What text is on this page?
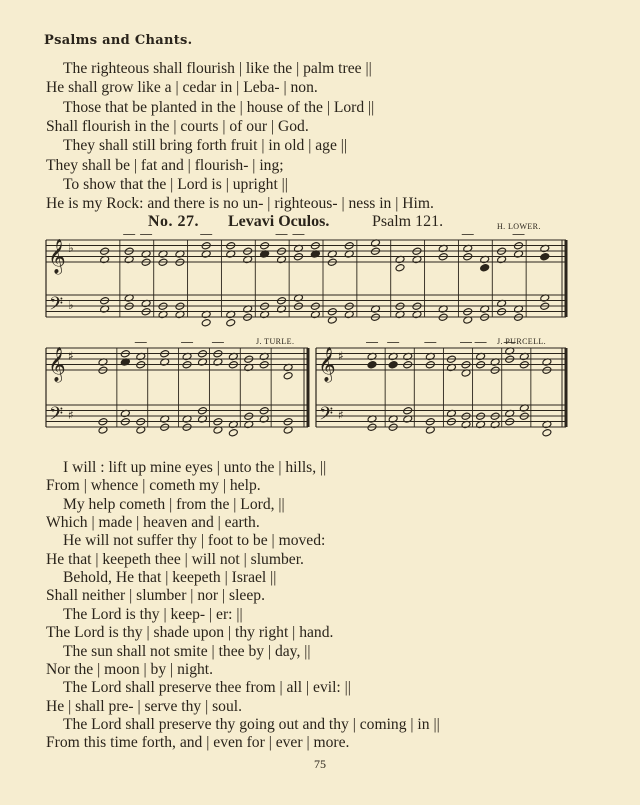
Psalms and Chants.
The righteous shall flourish | like the | palm tree ||
He shall grow like a | cedar in | Leba- | non.
Those that be planted in the | house of the | Lord ||
Shall flourish in the | courts | of our | God.
They shall still bring forth fruit | in old | age ||
They shall be | fat and | flourish- | ing;
To show that the | Lord is | upright ||
He is my Rock: and there is no un- | righteous- | ness in | Him.
No. 27. Levavi Oculos.	Psalm 121.	H. LOWER.
J. TURLE.	J. PURCELL.
𝄞
𝄢
♭
♭
𝄞
𝄢
♯
♯
𝄞
𝄢
♯
♯
I will : lift up mine eyes | unto the | hills, ||
From | whence | cometh my | help.
My help cometh | from the | Lord, ||
Which | made | heaven and | earth.
He will not suffer thy | foot to be | moved:
He that | keepeth thee | will not | slumber.
Behold, He that | keepeth | Israel ||
Shall neither | slumber | nor | sleep.
The Lord is thy | keep- | er: ||
The Lord is thy | shade upon | thy right | hand.
The sun shall not smite | thee by | day, ||
Nor the | moon | by | night.
The Lord shall preserve thee from | all | evil: ||
He | shall pre- | serve thy | soul.
The Lord shall preserve thy going out and thy | coming | in ||
From this time forth, and | even for | ever | more.
75
